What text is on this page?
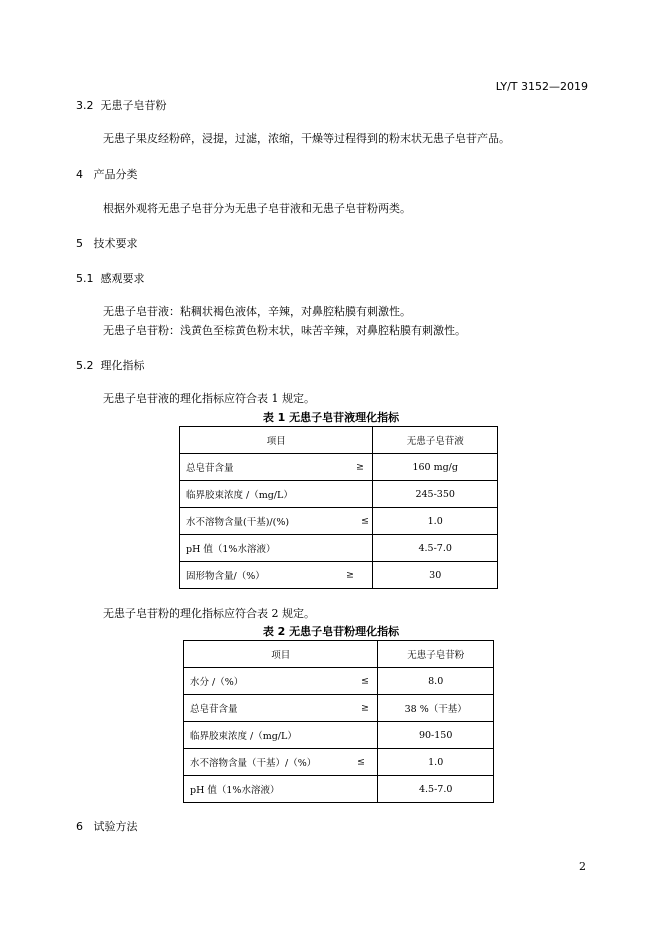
LY/T 3152—2019
3.2 无患子皂苷粉
无患子果皮经粉碎，浸提，过滤，浓缩，干燥等过程得到的粉末状无患子皂苷产品。
4 产品分类
根据外观将无患子皂苷分为无患子皂苷液和无患子皂苷粉两类。
5 技术要求
5.1 感观要求
无患子皂苷液：粘稠状褐色液体，辛辣，对鼻腔粘膜有刺激性。
无患子皂苷粉：浅黄色至棕黄色粉末状，味苦辛辣，对鼻腔粘膜有刺激性。
5.2 理化指标
无患子皂苷液的理化指标应符合表 1 规定。
表 1 无患子皂苷液理化指标
项目	无患子皂苷液
总皂苷含量 ≥	160 mg/g
临界胶束浓度 /（mg/L）	245-350
水不溶物含量(干基)/(%) ≤	1.0
pH 值（1%水溶液）	4.5-7.0
固形物含量/（%） ≥	30
无患子皂苷粉的理化指标应符合表 2 规定。
表 2 无患子皂苷粉理化指标
项目	无患子皂苷粉
水分 /（%） ≤	8.0
总皂苷含量 ≥	38 %（干基）
临界胶束浓度 /（mg/L）	90-150
水不溶物含量（干基）/（%） ≤	1.0
pH 值（1%水溶液）	4.5-7.0
6 试验方法
2
